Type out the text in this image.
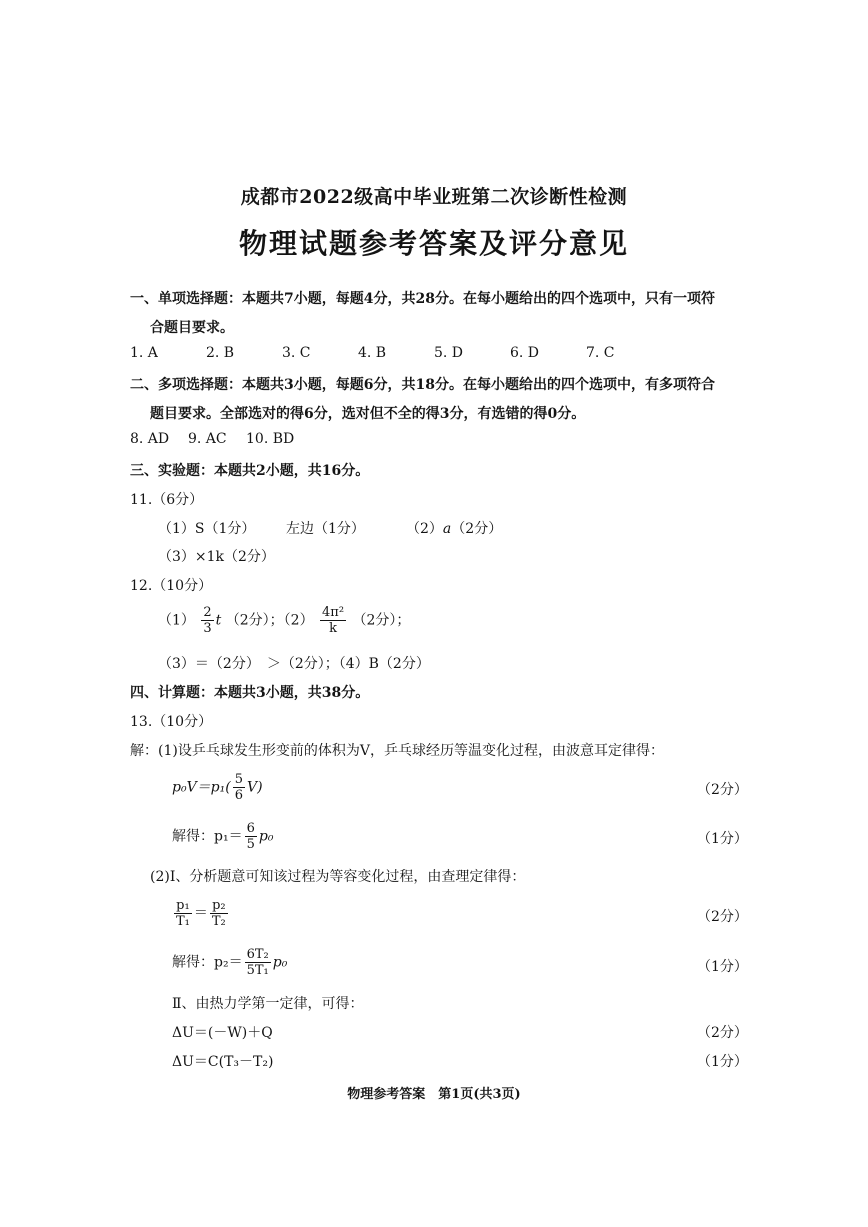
成都市2022级高中毕业班第二次诊断性检测
物理试题参考答案及评分意见
一、单项选择题：本题共7小题，每题4分，共28分。在每小题给出的四个选项中，只有一项符
合题目要求。
1. A	2. B	3. C	4. B	5. D	6. D	7. C
二、多项选择题：本题共3小题，每题6分，共18分。在每小题给出的四个选项中，有多项符合
题目要求。全部选对的得6分，选对但不全的得3分，有选错的得0分。
8. AD 9. AC 10. BD
三、实验题：本题共2小题，共16分。
11.（6分）
（1）S（1分） 左边（1分）	（2）a（2分）
（3）×1k（2分）
12.（10分）
$(1) \frac{2}{3}$ t （2分）；$(2) \frac{\text{4π²}}{k} (2$分）；
（3）＝（2分）　＞（2分）；（4）B（2分）
四、计算题：本题共3小题，共38分。
13.（10分）
解：(1)设乒乓球发生形变前的体积为V，乒乓球经历等温变化过程，由波意耳定律得：
$p_0V=p_1( \frac{5}{6} V)$	（2分）
解得：$p_1= \frac{6}{5} p_0$	（1分）
(2)Ⅰ、分析题意可知该过程为等容变化过程，由查理定律得：
$\frac{\text{p₁}}{\text{T₁}} = \frac{\text{p₂}}{\text{T₂}}$	（2分）
解得：$p_2= \frac{\text{6T₂}}{\text{5T₁}} p_0$	（1分）
Ⅱ、由热力学第一定律，可得：
ΔU＝(－W)＋Q	（2分）
ΔU＝C(T₃－T₂)	（1分）
物理参考答案　第1页(共3页)
